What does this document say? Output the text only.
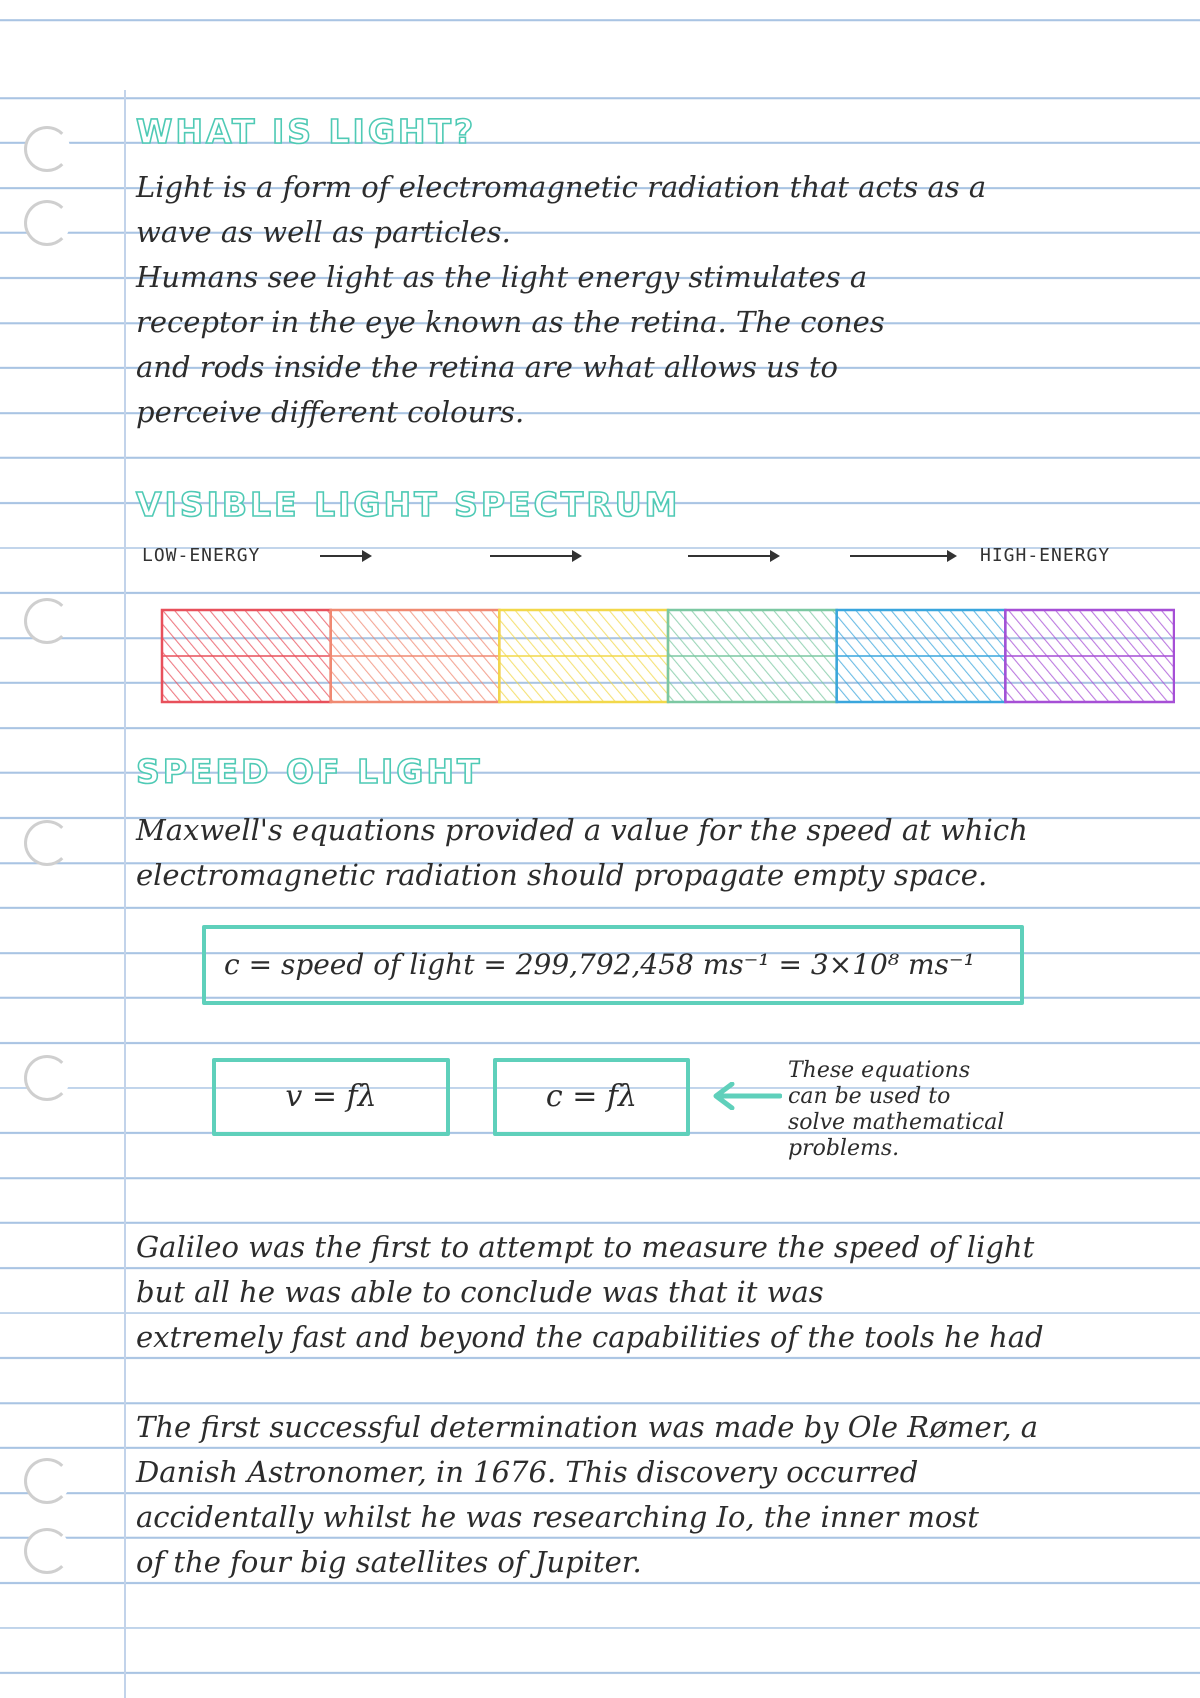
WHAT IS LIGHT?

Light is a form of electromagnetic radiation that acts as a

wave as well as particles.

Humans see light as the light energy stimulates a

receptor in the eye known as the retina. The cones

and rods inside the retina are what allows us to

perceive different colours.

VISIBLE LIGHT SPECTRUM
LOW-ENERGY	HIGH-ENERGY
SPEED OF LIGHT

Maxwell's equations provided a value for the speed at which

electromagnetic radiation should propagate empty space.

c = speed of light = 299,792,458 ms⁻¹ = 3×10⁸ ms⁻¹
v = fλ	c = fλ
These equations
can be used to
solve mathematical
problems.

Galileo was the first to attempt to measure the speed of light

but all he was able to conclude was that it was

extremely fast and beyond the capabilities of the tools he had

The first successful determination was made by Ole Rømer, a

Danish Astronomer, in 1676. This discovery occurred

accidentally whilst he was researching Io, the inner most

of the four big satellites of Jupiter.
